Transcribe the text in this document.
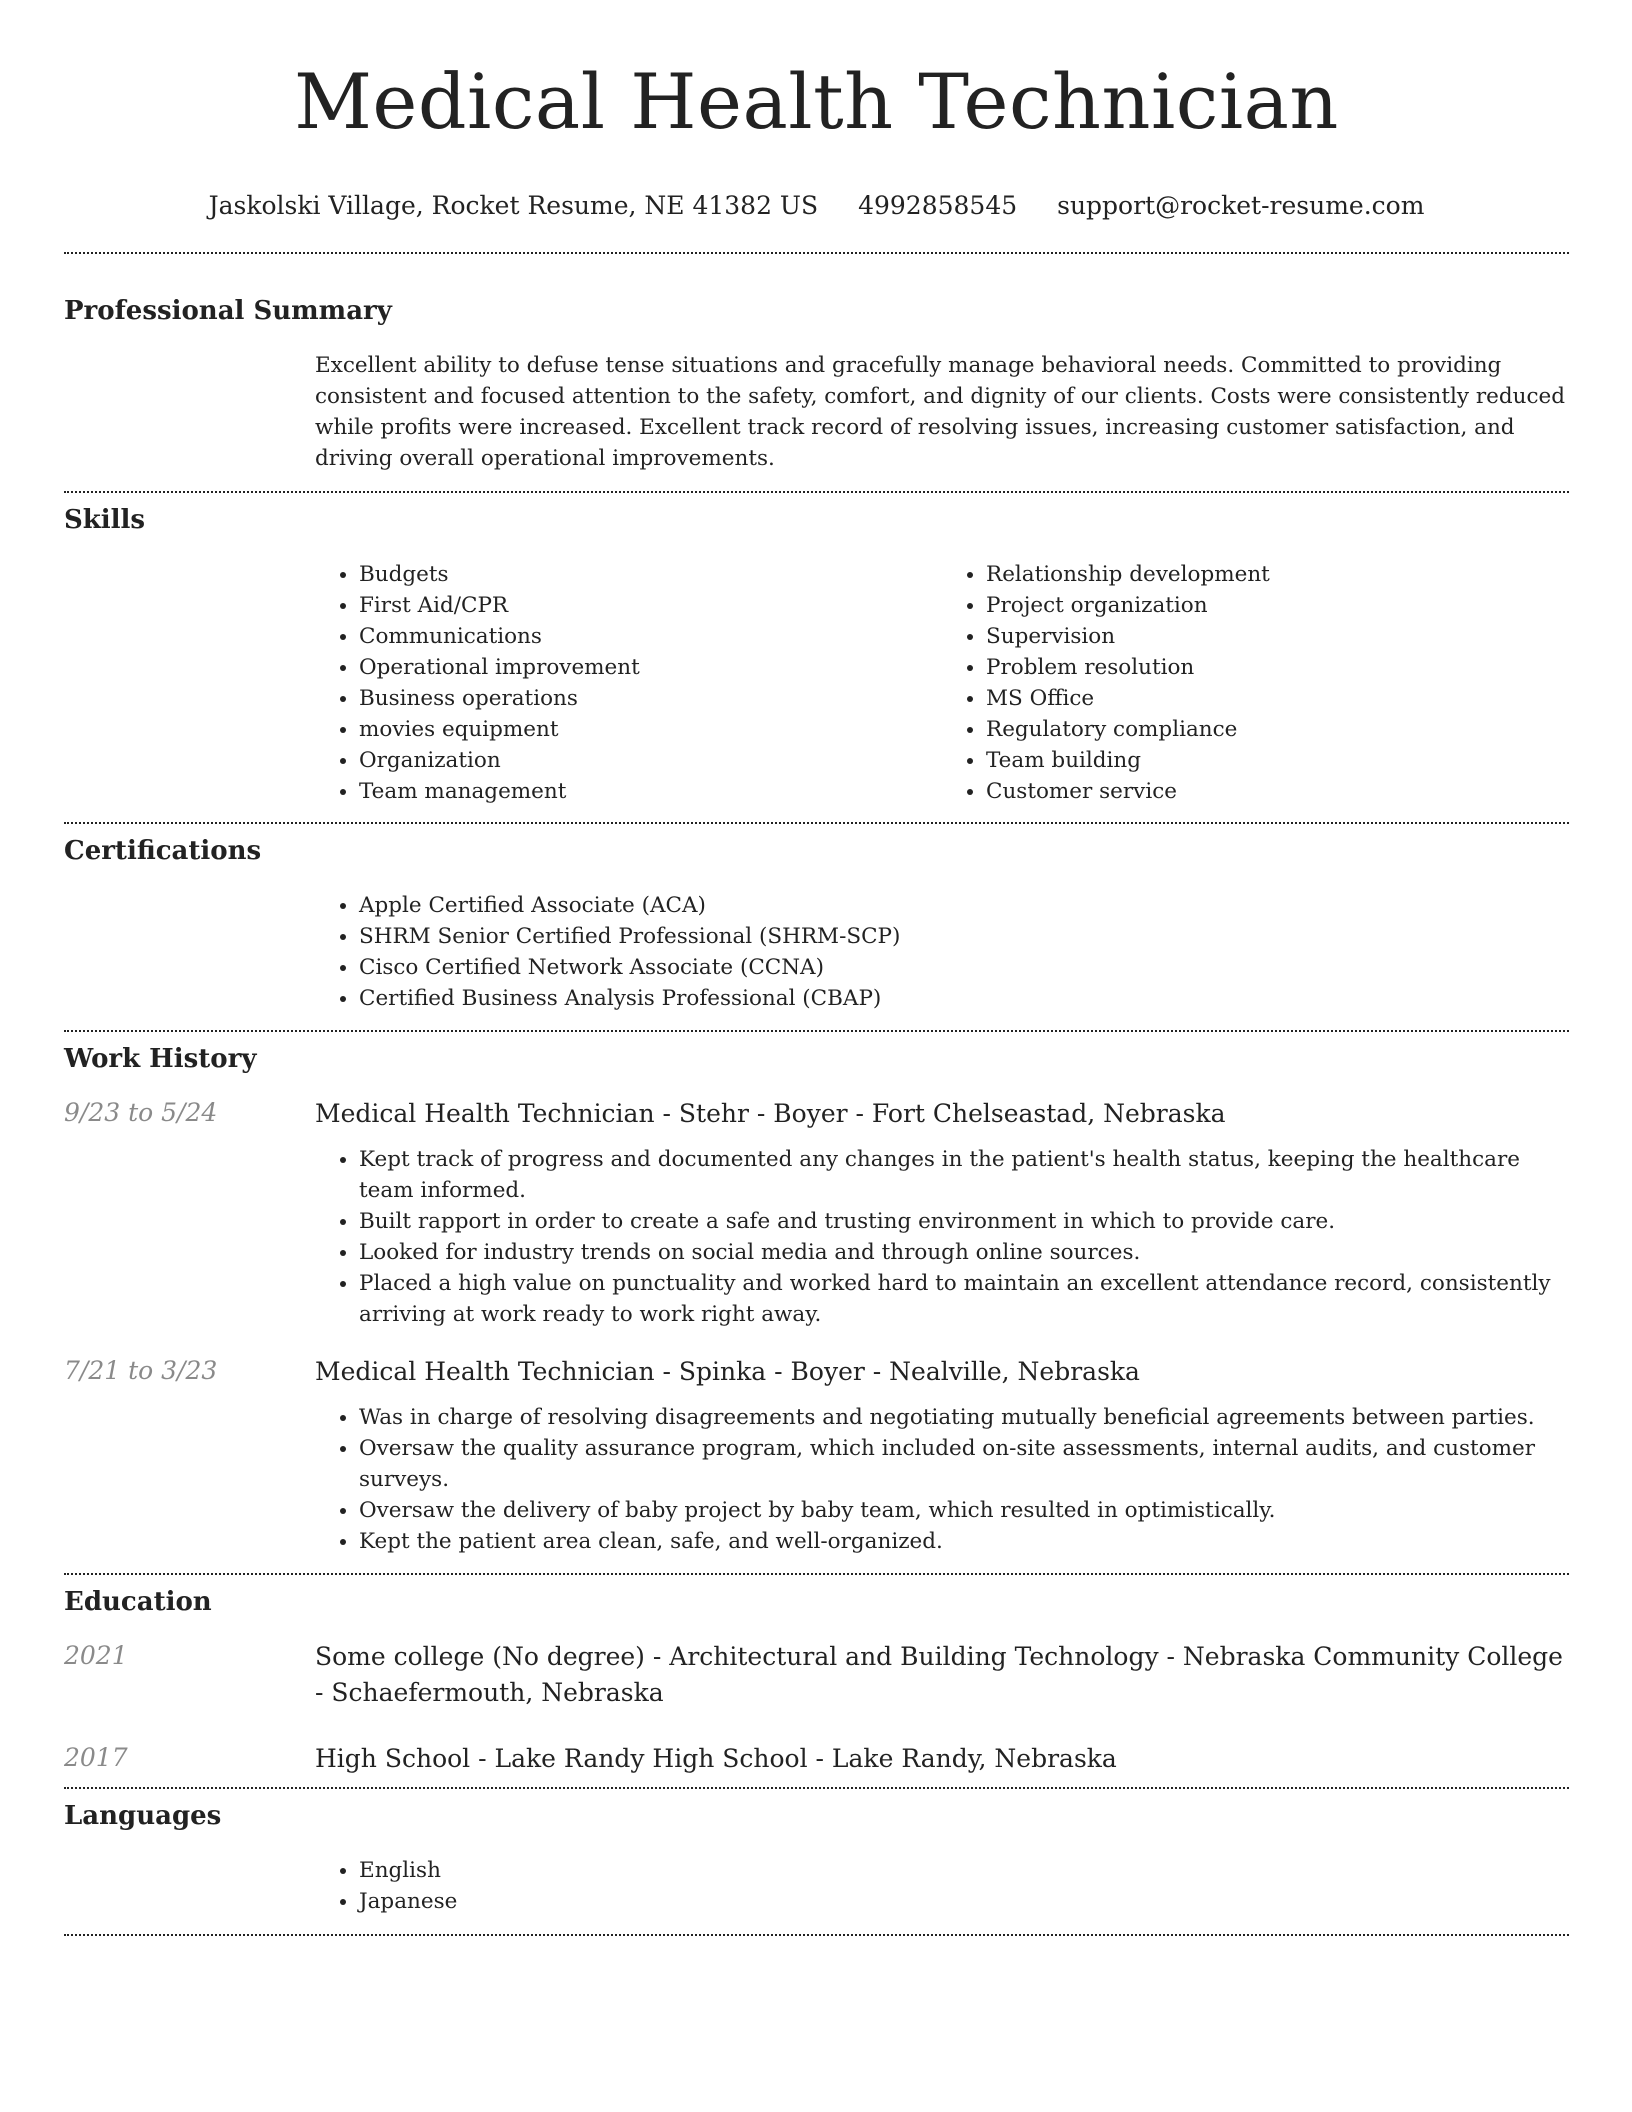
Medical Health Technician
Jaskolski Village, Rocket Resume, NE 41382 US 4992858545 support@rocket-resume.com
Professional Summary

Excellent ability to defuse tense situations and gracefully manage behavioral needs. Committed to providing consistent and focused attention to the safety, comfort, and dignity of our clients. Costs were consistently reduced while profits were increased. Excellent track record of resolving issues, increasing customer satisfaction, and driving overall operational improvements.

Skills
• Budgets
• First Aid/CPR
• Communications
• Operational improvement
• Business operations
• movies equipment
• Organization
• Team management
• Relationship development
• Project organization
• Supervision
• Problem resolution
• MS Office
• Regulatory compliance
• Team building
• Customer service
Certifications
• Apple Certified Associate (ACA)
• SHRM Senior Certified Professional (SHRM-SCP)
• Cisco Certified Network Associate (CCNA)
• Certified Business Analysis Professional (CBAP)
Work History
9/23 to 5/24	Medical Health Technician - Stehr - Boyer - Fort Chelseastad, Nebraska
• Kept track of progress and documented any changes in the patient's health status, keeping the healthcare team informed.
• Built rapport in order to create a safe and trusting environment in which to provide care.
• Looked for industry trends on social media and through online sources.
• Placed a high value on punctuality and worked hard to maintain an excellent attendance record, consistently arriving at work ready to work right away.
7/21 to 3/23	Medical Health Technician - Spinka - Boyer - Nealville, Nebraska
• Was in charge of resolving disagreements and negotiating mutually beneficial agreements between parties.
• Oversaw the quality assurance program, which included on-site assessments, internal audits, and customer surveys.
• Oversaw the delivery of baby project by baby team, which resulted in optimistically.
• Kept the patient area clean, safe, and well-organized.
Education
2021	Some college (No degree) - Architectural and Building Technology - Nebraska Community College - Schaefermouth, Nebraska
2017	High School - Lake Randy High School - Lake Randy, Nebraska
Languages
• English
• Japanese
